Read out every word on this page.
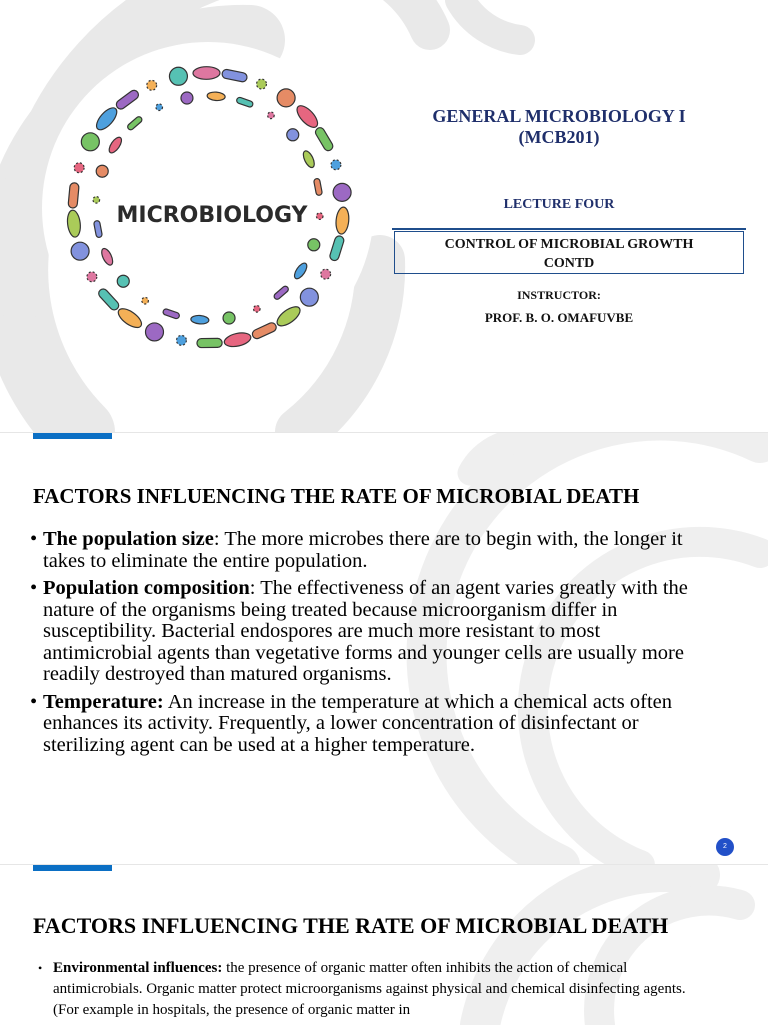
MICROBIOLOGY
GENERAL MICROBIOLOGY I
(MCB201)
LECTURE FOUR
CONTROL OF MICROBIAL GROWTH
CONTD
INSTRUCTOR:
PROF. B. O. OMAFUVBE
FACTORS INFLUENCING THE RATE OF MICROBIAL DEATH
• The population size: The more microbes there are to begin with, the longer it takes to eliminate the entire population.
• Population composition: The effectiveness of an agent varies greatly with the nature of the organisms being treated because microorganism differ in susceptibility. Bacterial endospores are much more resistant to most antimicrobial agents than vegetative forms and younger cells are usually more readily destroyed than matured organisms.
• Temperature: An increase in the temperature at which a chemical acts often enhances its activity. Frequently, a lower concentration of disinfectant or sterilizing agent can be used at a higher temperature.
2
FACTORS INFLUENCING THE RATE OF MICROBIAL DEATH
• Environmental influences: the presence of organic matter often inhibits the action of chemical antimicrobials. Organic matter protect microorganisms against physical and chemical disinfecting agents. (For example in hospitals, the presence of organic matter in
